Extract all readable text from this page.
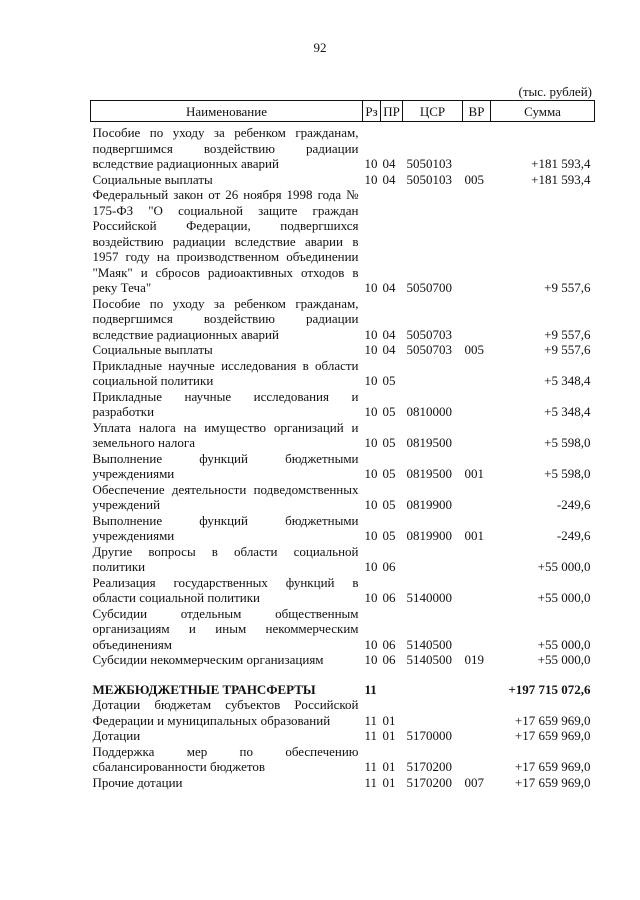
92
(тыс. рублей)
Наименование	Рз	ПР	ЦСР	ВР	Сумма
Пособие по уходу за ребенком гражданам, подвергшимся воздействию радиации вследствие радиационных аварий	10	04	5050103		+181 593,4
Социальные выплаты	10	04	5050103	005	+181 593,4
Федеральный закон от 26 ноября 1998 года № 175-ФЗ "О социальной защите граждан Российской Федерации, подвергшихся воздействию радиации вследствие аварии в 1957 году на производственном объединении "Маяк" и сбросов радиоактивных отходов в реку Теча"	10	04	5050700		+9 557,6
Пособие по уходу за ребенком гражданам, подвергшимся воздействию радиации вследствие радиационных аварий	10	04	5050703		+9 557,6
Социальные выплаты	10	04	5050703	005	+9 557,6
Прикладные научные исследования в области социальной политики	10	05			+5 348,4
Прикладные научные исследования и разработки	10	05	0810000		+5 348,4
Уплата налога на имущество организаций и земельного налога	10	05	0819500		+5 598,0
Выполнение функций бюджетными учреждениями	10	05	0819500	001	+5 598,0
Обеспечение деятельности подведомственных учреждений	10	05	0819900		-249,6
Выполнение функций бюджетными учреждениями	10	05	0819900	001	-249,6
Другие вопросы в области социальной политики	10	06			+55 000,0
Реализация государственных функций в области социальной политики	10	06	5140000		+55 000,0
Субсидии отдельным общественным организациям и иным некоммерческим объединениям	10	06	5140500		+55 000,0
Субсидии некоммерческим организациям	10	06	5140500	019	+55 000,0

МЕЖБЮДЖЕТНЫЕ ТРАНСФЕРТЫ	11				+197 715 072,6
Дотации бюджетам субъектов Российской Федерации и муниципальных образований	11	01			+17 659 969,0
Дотации	11	01	5170000		+17 659 969,0
Поддержка мер по обеспечению сбалансированности бюджетов	11	01	5170200		+17 659 969,0
Прочие дотации	11	01	5170200	007	+17 659 969,0
